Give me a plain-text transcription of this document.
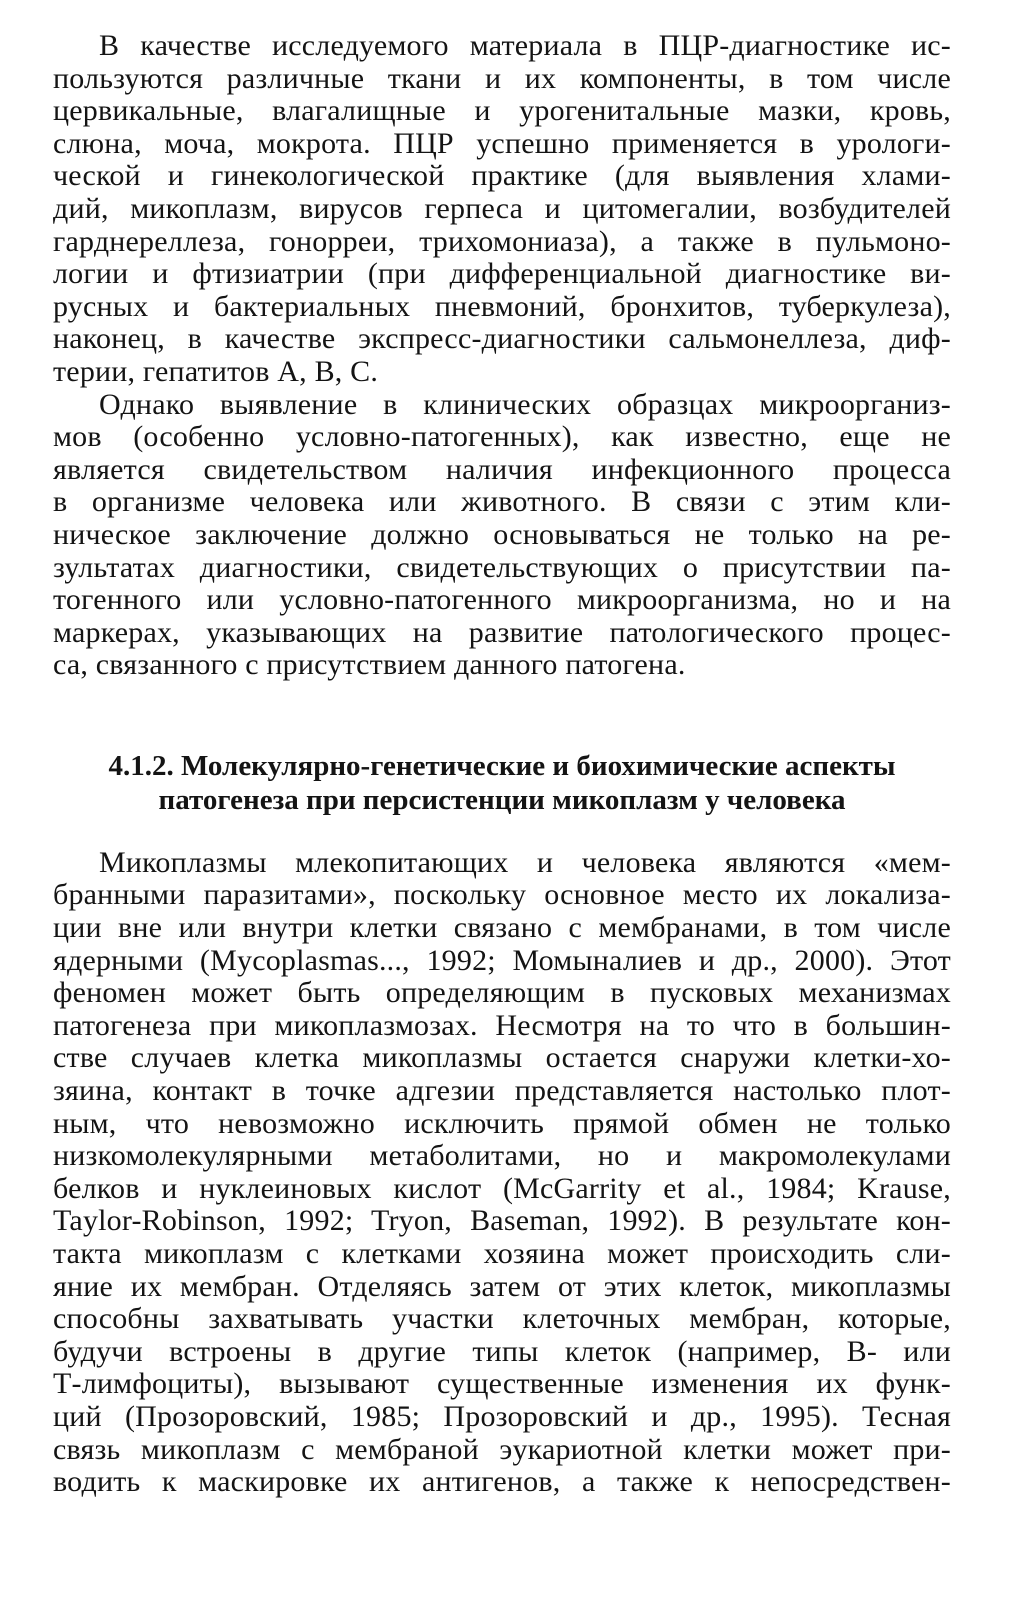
В качестве исследуемого материала в ПЦР-диагностике ис-
пользуются различные ткани и их компоненты, в том числе
цервикальные, влагалищные и урогенитальные мазки, кровь,
слюна, моча, мокрота. ПЦР успешно применяется в урологи-
ческой и гинекологической практике (для выявления хлами-
дий, микоплазм, вирусов герпеса и цитомегалии, возбудителей
гарднереллеза, гонорреи, трихомониаза), а также в пульмоно-
логии и фтизиатрии (при дифференциальной диагностике ви-
русных и бактериальных пневмоний, бронхитов, туберкулеза),
наконец, в качестве экспресс-диагностики сальмонеллеза, диф-
терии, гепатитов А, В, С.
Однако выявление в клинических образцах микроорганиз-
мов (особенно условно-патогенных), как известно, еще не
является свидетельством наличия инфекционного процесса
в организме человека или животного. В связи с этим кли-
ническое заключение должно основываться не только на ре-
зультатах диагностики, свидетельствующих о присутствии па-
тогенного или условно-патогенного микроорганизма, но и на
маркерах, указывающих на развитие патологического процес-
са, связанного с присутствием данного патогена.
4.1.2. Молекулярно-генетические и биохимические аспекты
патогенеза при персистенции микоплазм у человека
Микоплазмы млекопитающих и человека являются «мем-
бранными паразитами», поскольку основное место их локализа-
ции вне или внутри клетки связано с мембранами, в том числе
ядерными (Mycoplasmas..., 1992; Момыналиев и др., 2000). Этот
феномен может быть определяющим в пусковых механизмах
патогенеза при микоплазмозах. Несмотря на то что в большин-
стве случаев клетка микоплазмы остается снаружи клетки-хо-
зяина, контакт в точке адгезии представляется настолько плот-
ным, что невозможно исключить прямой обмен не только
низкомолекулярными метаболитами, но и макромолекулами
белков и нуклеиновых кислот (McGarrity et al., 1984; Krause,
Taylor-Robinson, 1992; Tryon, Baseman, 1992). В результате кон-
такта микоплазм с клетками хозяина может происходить сли-
яние их мембран. Отделяясь затем от этих клеток, микоплазмы
способны захватывать участки клеточных мембран, которые,
будучи встроены в другие типы клеток (например, В- или
Т-лимфоциты), вызывают существенные изменения их функ-
ций (Прозоровский, 1985; Прозоровский и др., 1995). Тесная
связь микоплазм с мембраной эукариотной клетки может при-
водить к маскировке их антигенов, а также к непосредствен-
